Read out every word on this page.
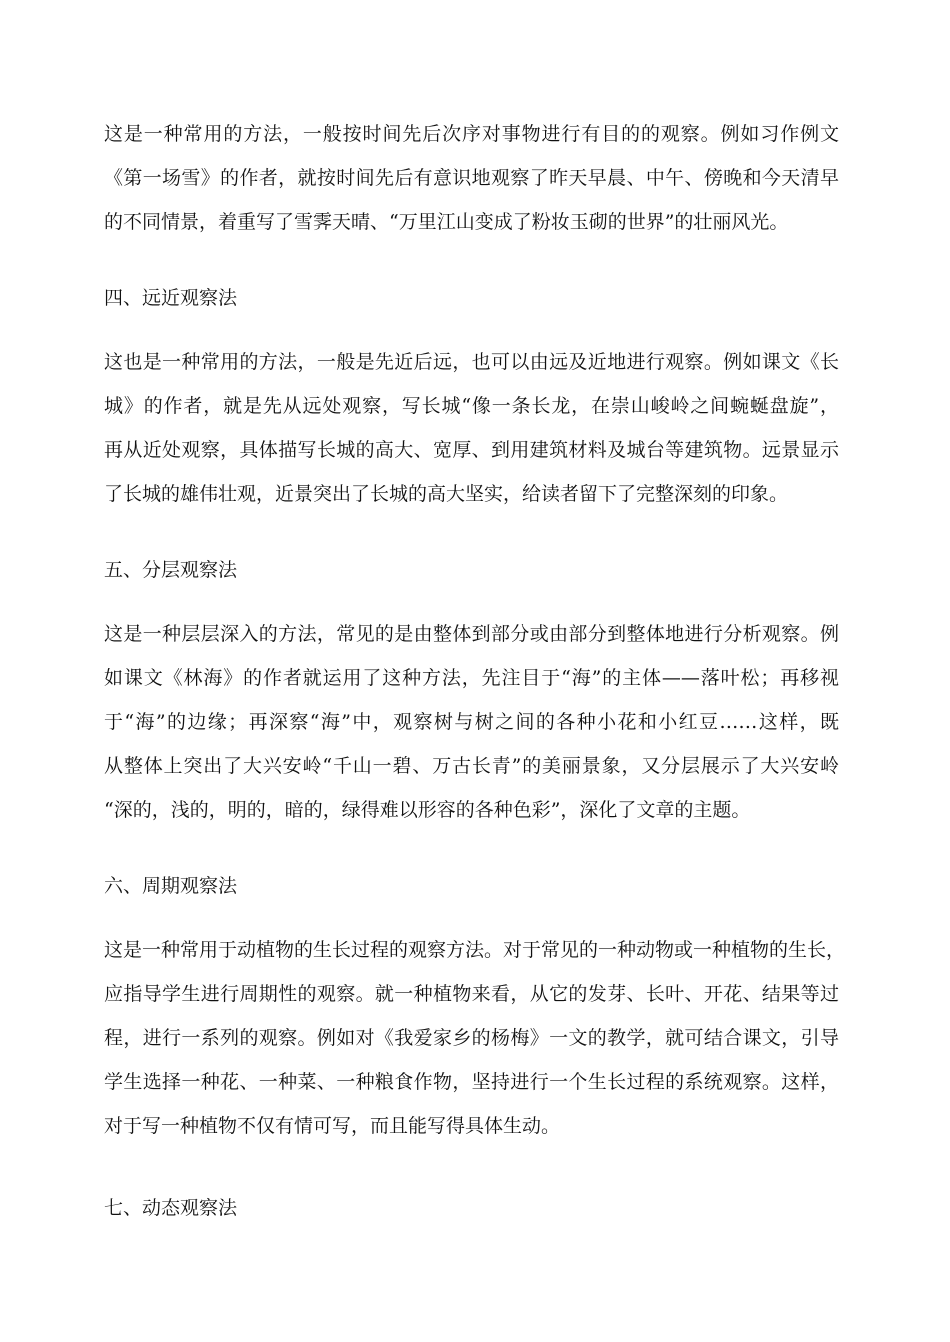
这是一种常用的方法，一般按时间先后次序对事物进行有目的的观察。例如习作例文
《第一场雪》的作者，就按时间先后有意识地观察了昨天早晨、中午、傍晚和今天清早
的不同情景，着重写了雪霁天晴、“万里江山变成了粉妆玉砌的世界”的壮丽风光。
四、远近观察法
这也是一种常用的方法，一般是先近后远，也可以由远及近地进行观察。例如课文《长
城》的作者，就是先从远处观察，写长城“像一条长龙，在崇山峻岭之间蜿蜒盘旋”，
再从近处观察，具体描写长城的高大、宽厚、到用建筑材料及城台等建筑物。远景显示
了长城的雄伟壮观，近景突出了长城的高大坚实，给读者留下了完整深刻的印象。
五、分层观察法
这是一种层层深入的方法，常见的是由整体到部分或由部分到整体地进行分析观察。例
如课文《林海》的作者就运用了这种方法，先注目于“海”的主体——落叶松；再移视
于“海”的边缘；再深察“海”中，观察树与树之间的各种小花和小红豆……这样，既
从整体上突出了大兴安岭“千山一碧、万古长青”的美丽景象，又分层展示了大兴安岭
“深的，浅的，明的，暗的，绿得难以形容的各种色彩”，深化了文章的主题。
六、周期观察法
这是一种常用于动植物的生长过程的观察方法。对于常见的一种动物或一种植物的生长，
应指导学生进行周期性的观察。就一种植物来看，从它的发芽、长叶、开花、结果等过
程，进行一系列的观察。例如对《我爱家乡的杨梅》一文的教学，就可结合课文，引导
学生选择一种花、一种菜、一种粮食作物，坚持进行一个生长过程的系统观察。这样，
对于写一种植物不仅有情可写，而且能写得具体生动。
七、动态观察法
